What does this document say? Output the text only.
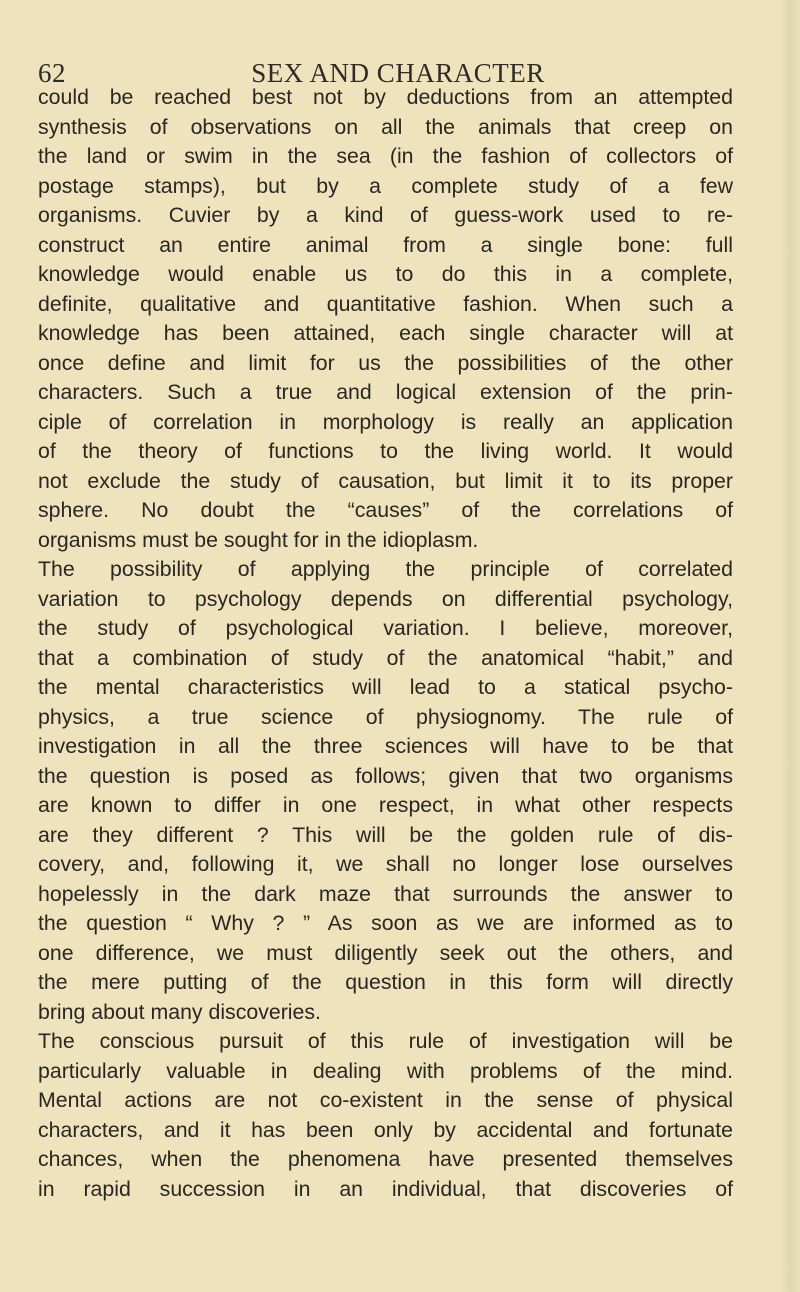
62	SEX AND CHARACTER
could be reached best not by deductions from an attempted
synthesis of observations on all the animals that creep on
the land or swim in the sea (in the fashion of collectors of
postage stamps), but by a complete study of a few
organisms. Cuvier by a kind of guess-work used to re-
construct an entire animal from a single bone: full
knowledge would enable us to do this in a complete,
definite, qualitative and quantitative fashion. When such a
knowledge has been attained, each single character will at
once define and limit for us the possibilities of the other
characters. Such a true and logical extension of the prin-
ciple of correlation in morphology is really an application
of the theory of functions to the living world. It would
not exclude the study of causation, but limit it to its proper
sphere. No doubt the “causes” of the correlations of
organisms must be sought for in the idioplasm.
The possibility of applying the principle of correlated
variation to psychology depends on differential psychology,
the study of psychological variation. I believe, moreover,
that a combination of study of the anatomical “habit,” and
the mental characteristics will lead to a statical psycho-
physics, a true science of physiognomy. The rule of
investigation in all the three sciences will have to be that
the question is posed as follows; given that two organisms
are known to differ in one respect, in what other respects
are they different ? This will be the golden rule of dis-
covery, and, following it, we shall no longer lose ourselves
hopelessly in the dark maze that surrounds the answer to
the question “ Why ? ” As soon as we are informed as to
one difference, we must diligently seek out the others, and
the mere putting of the question in this form will directly
bring about many discoveries.
The conscious pursuit of this rule of investigation will be
particularly valuable in dealing with problems of the mind.
Mental actions are not co-existent in the sense of physical
characters, and it has been only by accidental and fortunate
chances, when the phenomena have presented themselves
in rapid succession in an individual, that discoveries of
